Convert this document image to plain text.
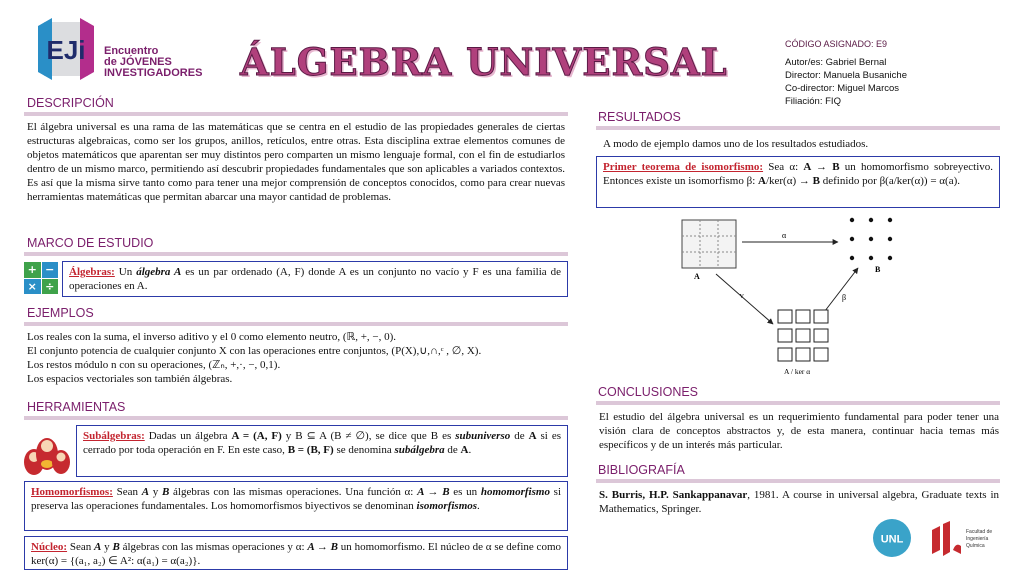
EJi Encuentro
de JÓVENES
INVESTIGADORES ÁLGEBRA UNIVERSAL	CÓDIGO ASIGNADO: E9
Autor/es: Gabriel Bernal
Director: Manuela Busaniche
Co-director: Miguel Marcos
Filiación: FIQ
DESCRIPCIÓN
El álgebra universal es una rama de las matemáticas que se centra en el estudio de las propiedades generales de ciertas estructuras algebraicas, como ser los grupos, anillos, retículos, entre otras. Esta disciplina extrae elementos comunes de objetos matemáticos que aparentan ser muy distintos pero comparten un mismo lenguaje formal, con el fin de estudiarlos dentro de un mismo marco, permitiendo así descubrir propiedades fundamentales que son aplicables a variados contextos. Es así que la misma sirve tanto como para tener una mejor comprensión de conceptos conocidos, como para crear nuevas herramientas matemáticas que permitan abarcar una mayor cantidad de problemas.
MARCO DE ESTUDIO
+ −
× ÷
Álgebras: Un álgebra A es un par ordenado (A, F) donde A es un conjunto no vacío y F es una familia de operaciones en A.
EJEMPLOS
Los reales con la suma, el inverso aditivo y el 0 como elemento neutro, (ℝ, +, −, 0).
El conjunto potencia de cualquier conjunto X con las operaciones entre conjuntos, (P(X),∪,∩,ᶜ , ∅, X).
Los restos módulo n con su operaciones, (ℤₙ, +,·, −, 0,1).
Los espacios vectoriales son también álgebras.
HERRAMIENTAS
Subálgebras: Dadas un álgebra A = (A, F) y B ⊆ A (B ≠ ∅), se dice que B es subuniverso de A si es cerrado por toda operación en F. En este caso, B = (B, F) se denomina subálgebra de A.
Homomorfismos: Sean A y B álgebras con las mismas operaciones. Una función α: A → B es un homomorfismo si preserva las operaciones fundamentales. Los homomorfismos biyectivos se denominan isomorfismos.
Núcleo: Sean A y B álgebras con las mismas operaciones y α: A → B un homomorfismo. El núcleo de α se define como ker(α) = {(a₁, a₂) ∈ A²: α(a₁) = α(a₂)}.
RESULTADOS
A modo de ejemplo damos uno de los resultados estudiados.
Primer teorema de isomorfismo: Sea α: A → B un homomorfismo sobreyectivo. Entonces existe un isomorfismo β: A/ker(α) → B definido por β(a/ker(α)) = α(a).
A
B
α
ν	β
A / ker α
CONCLUSIONES
El estudio del álgebra universal es un requerimiento fundamental para poder tener una visión clara de conceptos abstractos y, de esta manera, continuar hacia temas más específicos y de un interés más particular.
BIBLIOGRAFÍA
S. Burris, H.P. Sankappanavar, 1981. A course in universal algebra, Graduate texts in Mathematics, Springer.
UNL
Facultad de
Ingeniería
Química
